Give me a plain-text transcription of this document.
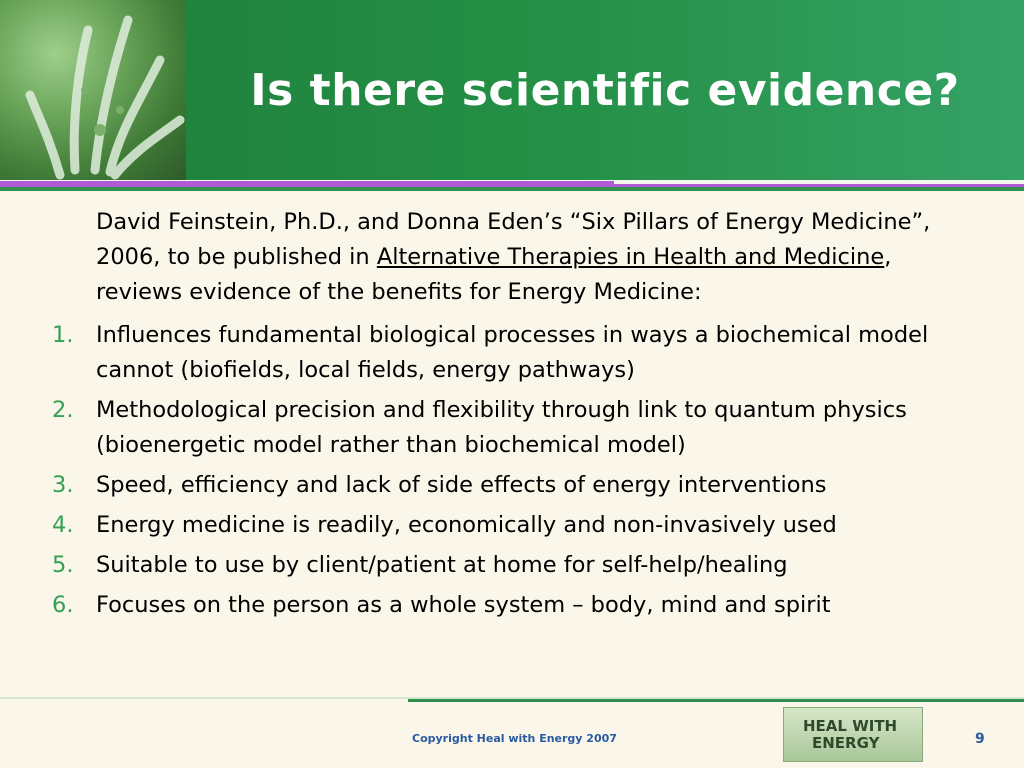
Is there scientific evidence?
David Feinstein, Ph.D., and Donna Eden’s “Six Pillars of Energy Medicine”, 2006, to be published in Alternative Therapies in Health and Medicine, reviews evidence of the benefits for Energy Medicine:
1. Influences fundamental biological processes in ways a biochemical model cannot (biofields, local fields, energy pathways)
2. Methodological precision and flexibility through link to quantum physics (bioenergetic model rather than biochemical model)
3. Speed, efficiency and lack of side effects of energy interventions
4. Energy medicine is readily, economically and non-invasively used
5. Suitable to use by client/patient at home for self-help/healing
6. Focuses on the person as a whole system – body, mind and spirit
Copyright Heal with Energy 2007
HEAL WITH
ENERGY	9
